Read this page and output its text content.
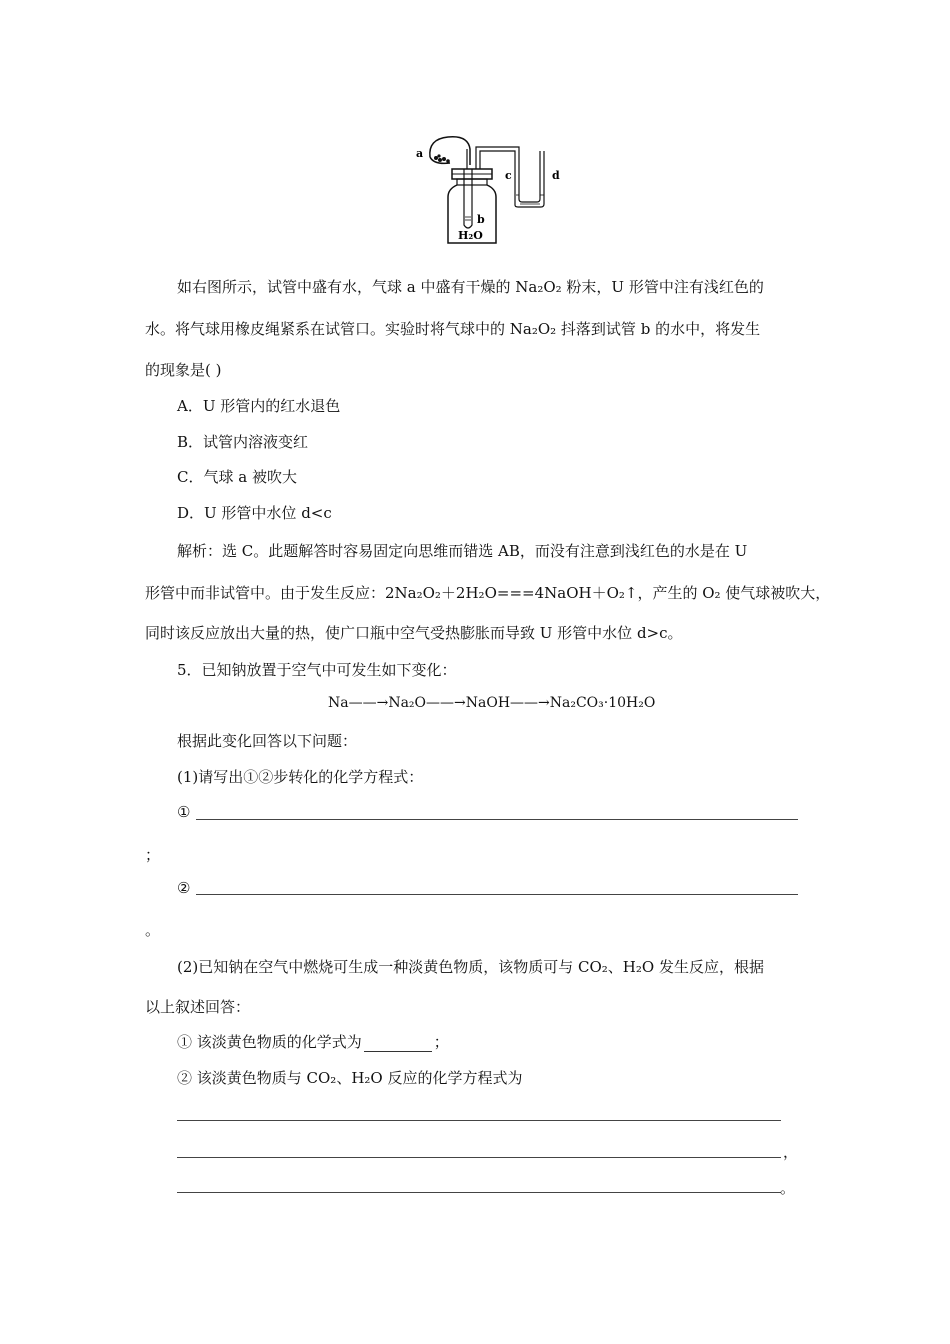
a
b
c	d
H₂O
如右图所示，试管中盛有水，气球 a 中盛有干燥的 Na₂O₂ 粉末，U 形管中注有浅红色的
水。将气球用橡皮绳紧系在试管口。实验时将气球中的 Na₂O₂ 抖落到试管 b 的水中，将发生
的现象是( )
A．U 形管内的红水退色
B．试管内溶液变红
C．气球 a 被吹大
D．U 形管中水位 d<c
解析：选 C。此题解答时容易固定向思维而错选 AB，而没有注意到浅红色的水是在 U
形管中而非试管中。由于发生反应：2Na₂O₂＋2H₂O===4NaOH＋O₂↑，产生的 O₂ 使气球被吹大，
同时该反应放出大量的热，使广口瓶中空气受热膨胀而导致 U 形管中水位 d>c。
5．已知钠放置于空气中可发生如下变化：
Na——→Na₂O——→NaOH——→Na₂CO₃·10H₂O
根据此变化回答以下问题：
(1)请写出①②步转化的化学方程式：
①
；
②
。
(2)已知钠在空气中燃烧可生成一种淡黄色物质，该物质可与 CO₂、H₂O 发生反应，根据
以上叙述回答：
① 该淡黄色物质的化学式为	；
② 该淡黄色物质与 CO₂、H₂O 反应的化学方程式为
，
。
